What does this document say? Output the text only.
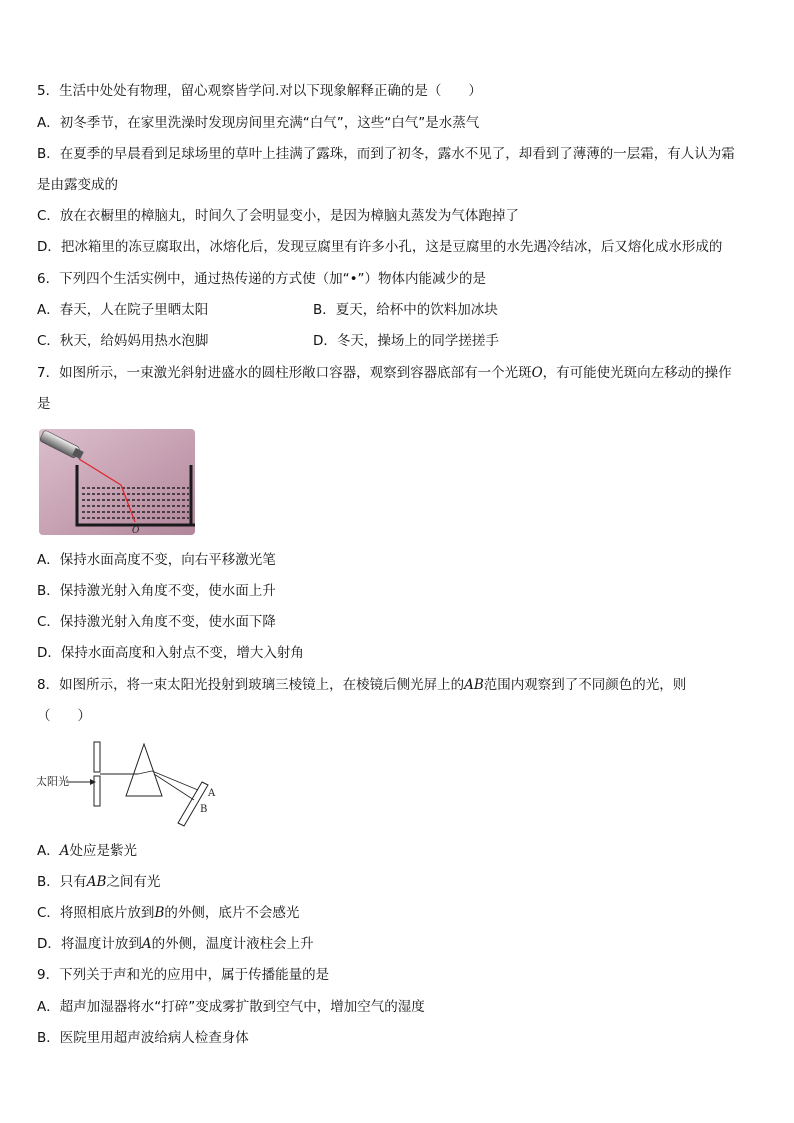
5．生活中处处有物理，留心观察皆学问.对以下现象解释正确的是（　　）
A．初冬季节，在家里洗澡时发现房间里充满“白气”，这些“白气”是水蒸气
B．在夏季的早晨看到足球场里的草叶上挂满了露珠，而到了初冬，露水不见了，却看到了薄薄的一层霜，有人认为霜
是由露变成的
C．放在衣橱里的樟脑丸，时间久了会明显变小，是因为樟脑丸蒸发为气体跑掉了
D．把冰箱里的冻豆腐取出，冰熔化后，发现豆腐里有许多小孔，这是豆腐里的水先遇冷结冰，后又熔化成水形成的
6．下列四个生活实例中，通过热传递的方式使（加“•”）物体内能减少的是
A．春天，人在院子里晒太阳	B．夏天，给杯中的饮料加冰块
C．秋天，给妈妈用热水泡脚	D．冬天，操场上的同学搓搓手
7．如图所示，一束激光斜射进盛水的圆柱形敞口容器，观察到容器底部有一个光斑O，有可能使光斑向左移动的操作
是
O
A．保持水面高度不变，向右平移激光笔
B．保持激光射入角度不变，使水面上升
C．保持激光射入角度不变，使水面下降
D．保持水面高度和入射点不变，增大入射角
8．如图所示，将一束太阳光投射到玻璃三棱镜上，在棱镜后侧光屏上的AB范围内观察到了不同颜色的光，则
（　　）
太阳光
A
B
A．A处应是紫光
B．只有AB之间有光
C．将照相底片放到B的外侧，底片不会感光
D．将温度计放到A的外侧，温度计液柱会上升
9．下列关于声和光的应用中，属于传播能量的是
A．超声加湿器将水“打碎”变成雾扩散到空气中，增加空气的湿度
B．医院里用超声波给病人检查身体
